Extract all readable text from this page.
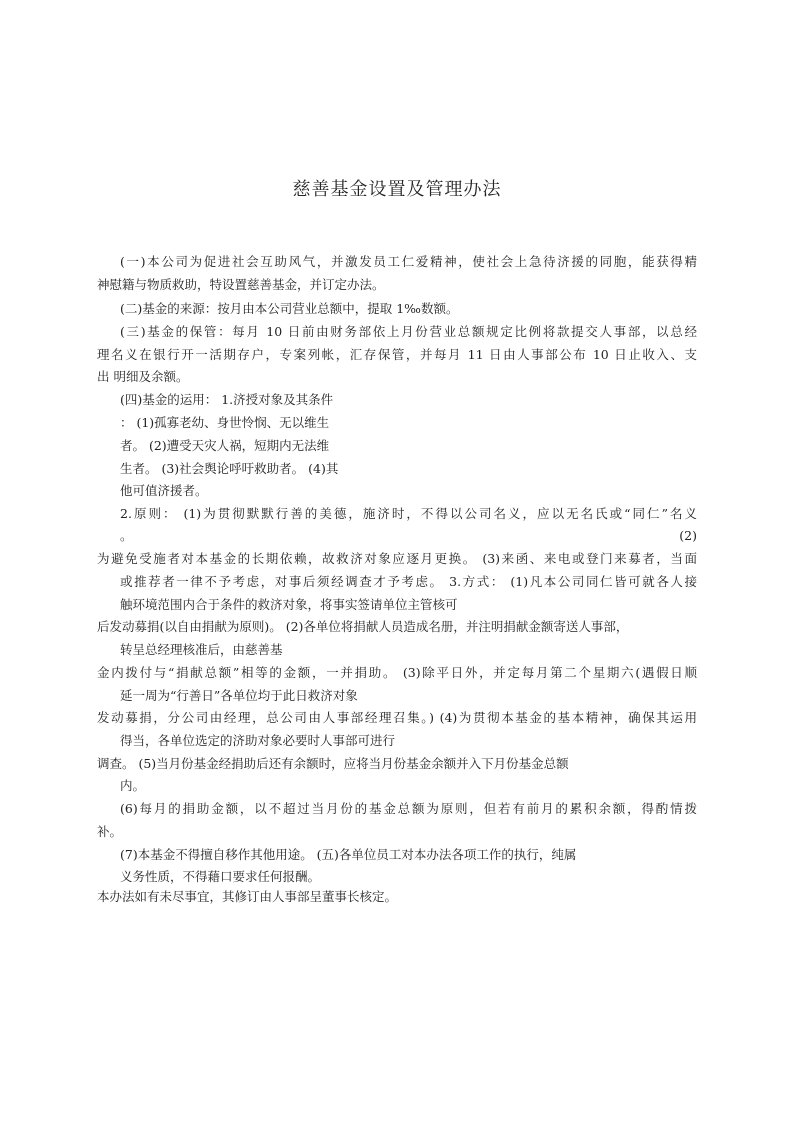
慈善基金设置及管理办法
(一)本公司为促进社会互助风气，并激发员工仁爱精神，使社会上急待济援的同胞，能获得精
神慰籍与物质救助，特设置慈善基金，并订定办法。
(二)基金的来源：按月由本公司营业总额中，提取 1‰数额。
(三)基金的保管：每月 10 日前由财务部依上月份营业总额规定比例将款提交人事部，以总经
理名义在银行开一活期存户，专案列帐，汇存保管，并每月 11 日由人事部公布 10 日止收入、支
出 明细及余额。
(四)基金的运用： 1.济授对象及其条件
： (1)孤寡老幼、身世怜悯、无以维生
者。 (2)遭受天灾人祸，短期内无法维
生者。 (3)社会舆论呼吁救助者。 (4)其
他可值济援者。
2.原则： (1)为贯彻默默行善的美德，施济时，不得以公司名义，应以无名氏或“同仁”名义
。	(2)
为避免受施者对本基金的长期依赖，故救济对象应逐月更换。 (3)来函、来电或登门来募者，当面
或推荐者一律不予考虑，对事后须经调查才予考虑。 3.方式： (1)凡本公司同仁皆可就各人接
触环境范围内合于条件的救济对象，将事实签请单位主管核可
后发动募捐(以自由捐献为原则)。 (2)各单位将捐献人员造成名册，并注明捐献金额寄送人事部，
转呈总经理核准后，由慈善基
金内拨付与“捐献总额”相等的金额，一并捐助。 (3)除平日外，并定每月第二个星期六(遇假日顺
延一周为“行善日”各单位均于此日救济对象
发动募捐，分公司由经理，总公司由人事部经理召集。) (4)为贯彻本基金的基本精神，确保其运用
得当，各单位选定的济助对象必要时人事部可进行
调查。 (5)当月份基金经捐助后还有余额时，应将当月份基金余额并入下月份基金总额
内。
(6)每月的捐助金额，以不超过当月份的基金总额为原则，但若有前月的累积余额，得酌情拨
补。
(7)本基金不得擅自移作其他用途。 (五)各单位员工对本办法各项工作的执行，纯属
义务性质，不得藉口要求任何报酬。
本办法如有未尽事宜，其修订由人事部呈董事长核定。
